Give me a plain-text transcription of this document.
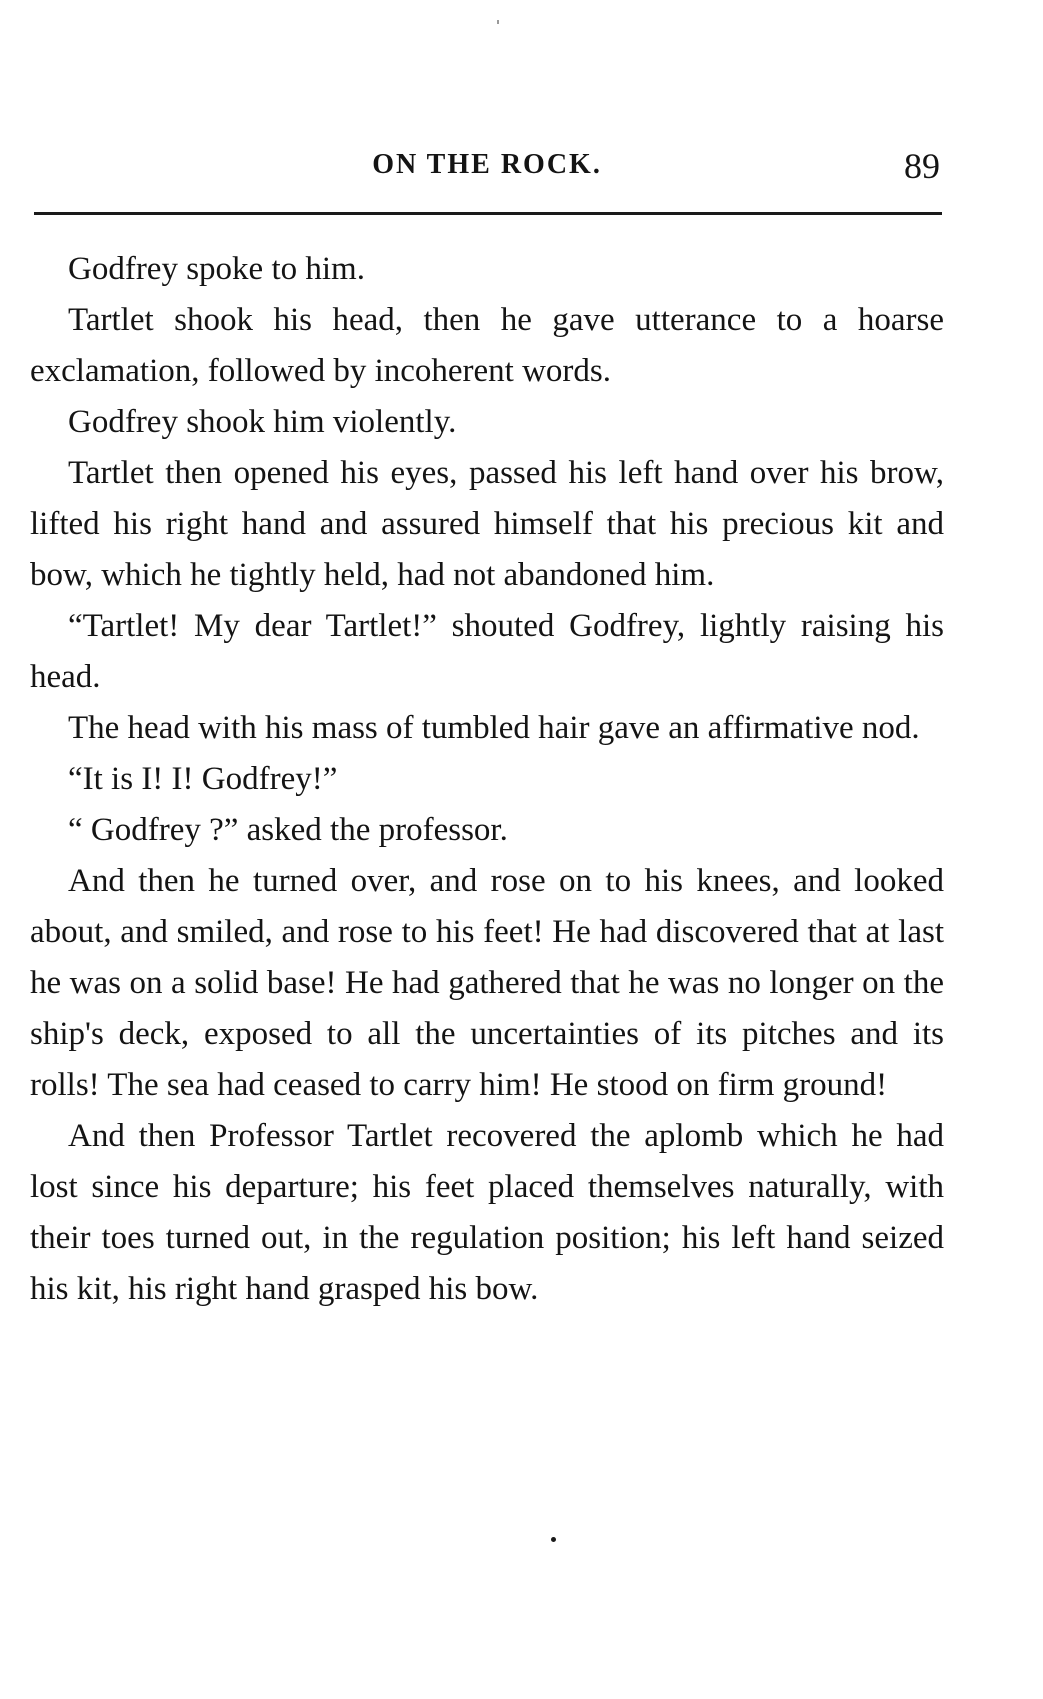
ON THE ROCK.	89

Godfrey spoke to him.

Tartlet shook his head, then he gave utterance to a hoarse exclamation, followed by incoherent words.

Godfrey shook him violently.

Tartlet then opened his eyes, passed his left hand over his brow, lifted his right hand and assured himself that his precious kit and bow, which he tightly held, had not abandoned him.

“Tartlet! My dear Tartlet!” shouted Godfrey, lightly raising his head.

The head with his mass of tumbled hair gave an affirmative nod.

“It is I! I! Godfrey!”

“ Godfrey ?” asked the professor.

And then he turned over, and rose on to his knees, and looked about, and smiled, and rose to his feet! He had discovered that at last he was on a solid base! He had gathered that he was no longer on the ship's deck, exposed to all the uncertainties of its pitches and its rolls! The sea had ceased to carry him! He stood on firm ground!

And then Professor Tartlet recovered the aplomb which he had lost since his departure; his feet placed themselves naturally, with their toes turned out, in the regulation position; his left hand seized his kit, his right hand grasped his bow.
